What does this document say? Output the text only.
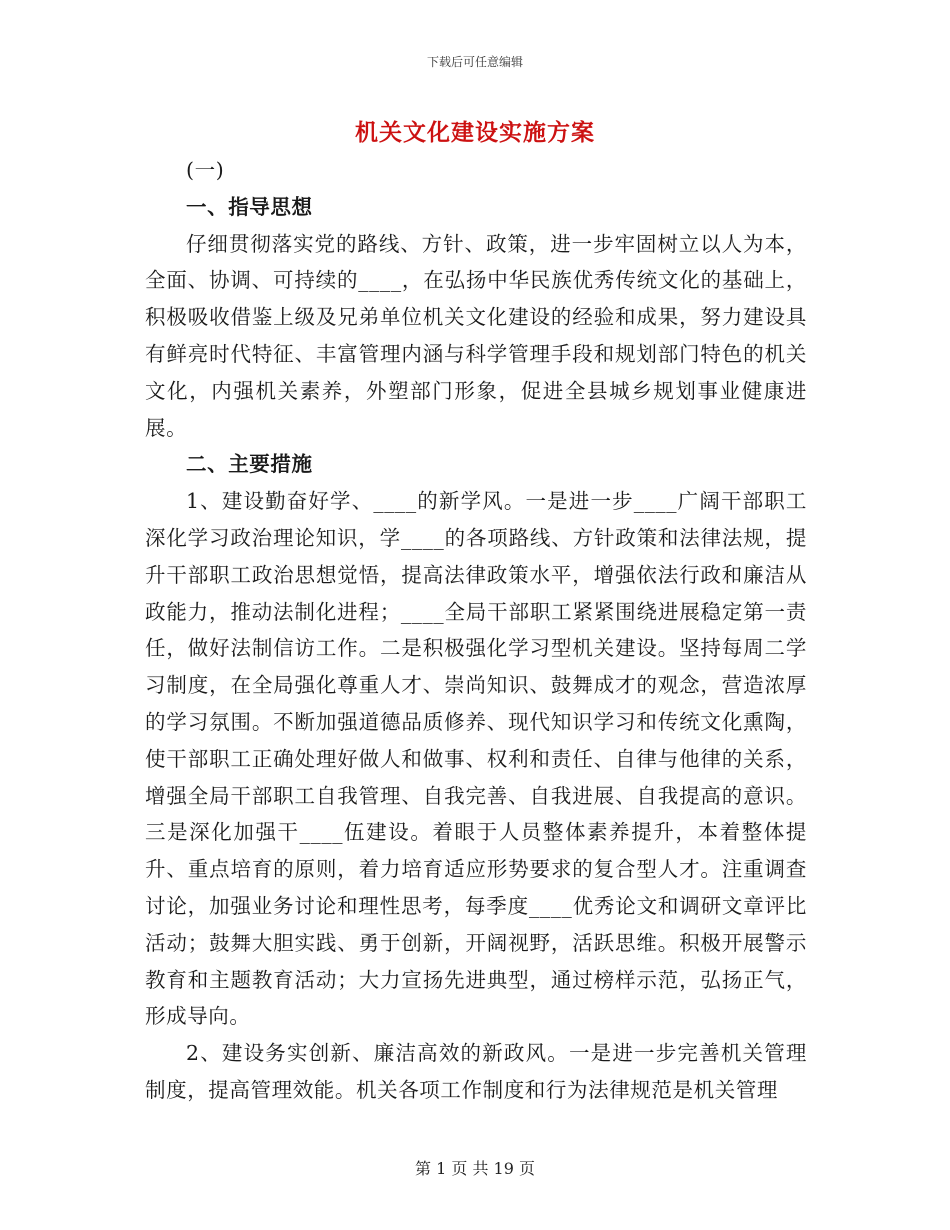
下载后可任意编辑
机关文化建设实施方案

(一)

一、指导思想

仔细贯彻落实党的路线、方针、政策，进一步牢固树立以人为本，全面、协调、可持续的____，在弘扬中华民族优秀传统文化的基础上，积极吸收借鉴上级及兄弟单位机关文化建设的经验和成果，努力建设具有鲜亮时代特征、丰富管理内涵与科学管理手段和规划部门特色的机关文化，内强机关素养，外塑部门形象，促进全县城乡规划事业健康进展。

二、主要措施

1、建设勤奋好学、____的新学风。一是进一步____广阔干部职工深化学习政治理论知识，学____的各项路线、方针政策和法律法规，提升干部职工政治思想觉悟，提高法律政策水平，增强依法行政和廉洁从政能力，推动法制化进程；____全局干部职工紧紧围绕进展稳定第一责任，做好法制信访工作。二是积极强化学习型机关建设。坚持每周二学习制度，在全局强化尊重人才、崇尚知识、鼓舞成才的观念，营造浓厚的学习氛围。不断加强道德品质修养、现代知识学习和传统文化熏陶，使干部职工正确处理好做人和做事、权利和责任、自律与他律的关系，增强全局干部职工自我管理、自我完善、自我进展、自我提高的意识。三是深化加强干____伍建设。着眼于人员整体素养提升，本着整体提升、重点培育的原则，着力培育适应形势要求的复合型人才。注重调查讨论，加强业务讨论和理性思考，每季度____优秀论文和调研文章评比活动；鼓舞大胆实践、勇于创新，开阔视野，活跃思维。积极开展警示教育和主题教育活动；大力宣扬先进典型，通过榜样示范，弘扬正气，形成导向。

2、建设务实创新、廉洁高效的新政风。一是进一步完善机关管理制度，提高管理效能。机关各项工作制度和行为法律规范是机关管理

第 1 页 共 19 页
